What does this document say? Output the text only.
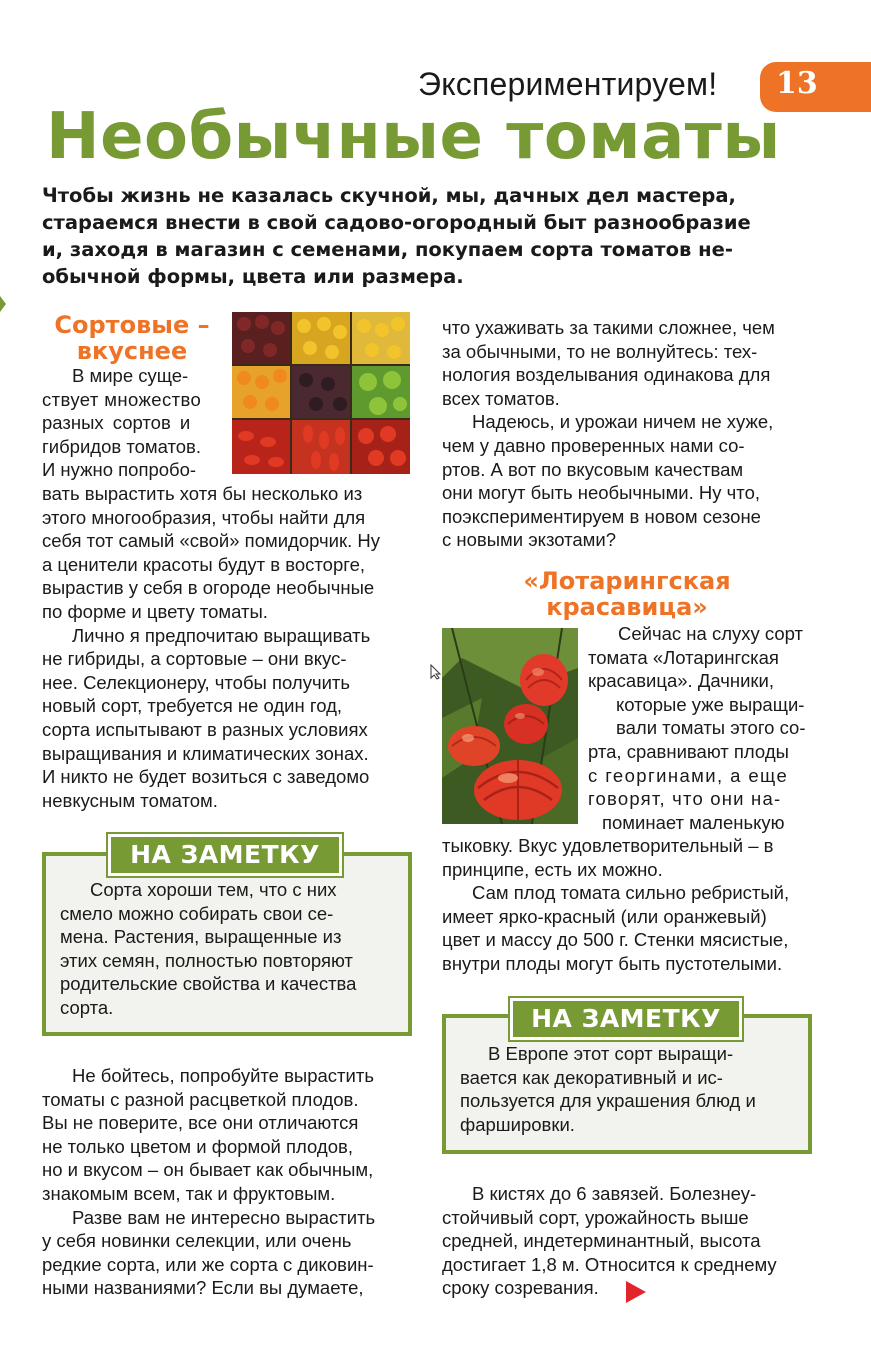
Экспериментируем! 13
Необычные томаты

Чтобы жизнь не казалась скучной, мы, дачных дел мастера,

стараемся внести в свой садово-огородный быт разнообразие

и, заходя в магазин с семенами, покупаем сорта томатов не-

обычной формы, цвета или размера.

Сортовые –

вкуснее

В мире суще-

ствует множество

разных сортов и

гибридов томатов.

И нужно попробо-

вать вырастить хотя бы несколько из

этого многообразия, чтобы найти для

себя тот самый «свой» помидорчик. Ну

а ценители красоты будут в восторге,

вырастив у себя в огороде необычные

по форме и цвету томаты.

Лично я предпочитаю выращивать

не гибриды, а сортовые – они вкус-

нее. Селекционеру, чтобы получить

новый сорт, требуется не один год,

сорта испытывают в разных условиях

выращивания и климатических зонах.

И никто не будет возиться с заведомо

невкусным томатом.

НА ЗАМЕТКУ

Сорта хороши тем, что с них

смело можно собирать свои се-

мена. Растения, выращенные из

этих семян, полностью повторяют

родительские свойства и качества

сорта.

Не бойтесь, попробуйте вырастить

томаты с разной расцветкой плодов.

Вы не поверите, все они отличаются

не только цветом и формой плодов,

но и вкусом – он бывает как обычным,

знакомым всем, так и фруктовым.

Разве вам не интересно вырастить

у себя новинки селекции, или очень

редкие сорта, или же сорта с диковин-

ными названиями? Если вы думаете,

что ухаживать за такими сложнее, чем

за обычными, то не волнуйтесь: тех-

нология возделывания одинакова для

всех томатов.

Надеюсь, и урожаи ничем не хуже,

чем у давно проверенных нами со-

ртов. А вот по вкусовым качествам

они могут быть необычными. Ну что,

поэкспериментируем в новом сезоне

с новыми экзотами?

«Лотарингская

красавица»

Сейчас на слуху сорт

томата «Лотарингская

красавица». Дачники,

которые уже выращи-

вали томаты этого со-

рта, сравнивают плоды

с георгинами, а еще

говорят, что они на-

поминает маленькую

тыковку. Вкус удовлетворительный – в

принципе, есть их можно.

Сам плод томата сильно ребристый,

имеет ярко-красный (или оранжевый)

цвет и массу до 500 г. Стенки мясистые,

внутри плоды могут быть пустотелыми.

НА ЗАМЕТКУ

В Европе этот сорт выращи-

вается как декоративный и ис-

пользуется для украшения блюд и

фаршировки.

В кистях до 6 завязей. Болезнеу-

стойчивый сорт, урожайность выше

средней, индетерминантный, высота

достигает 1,8 м. Относится к среднему

сроку созревания.
